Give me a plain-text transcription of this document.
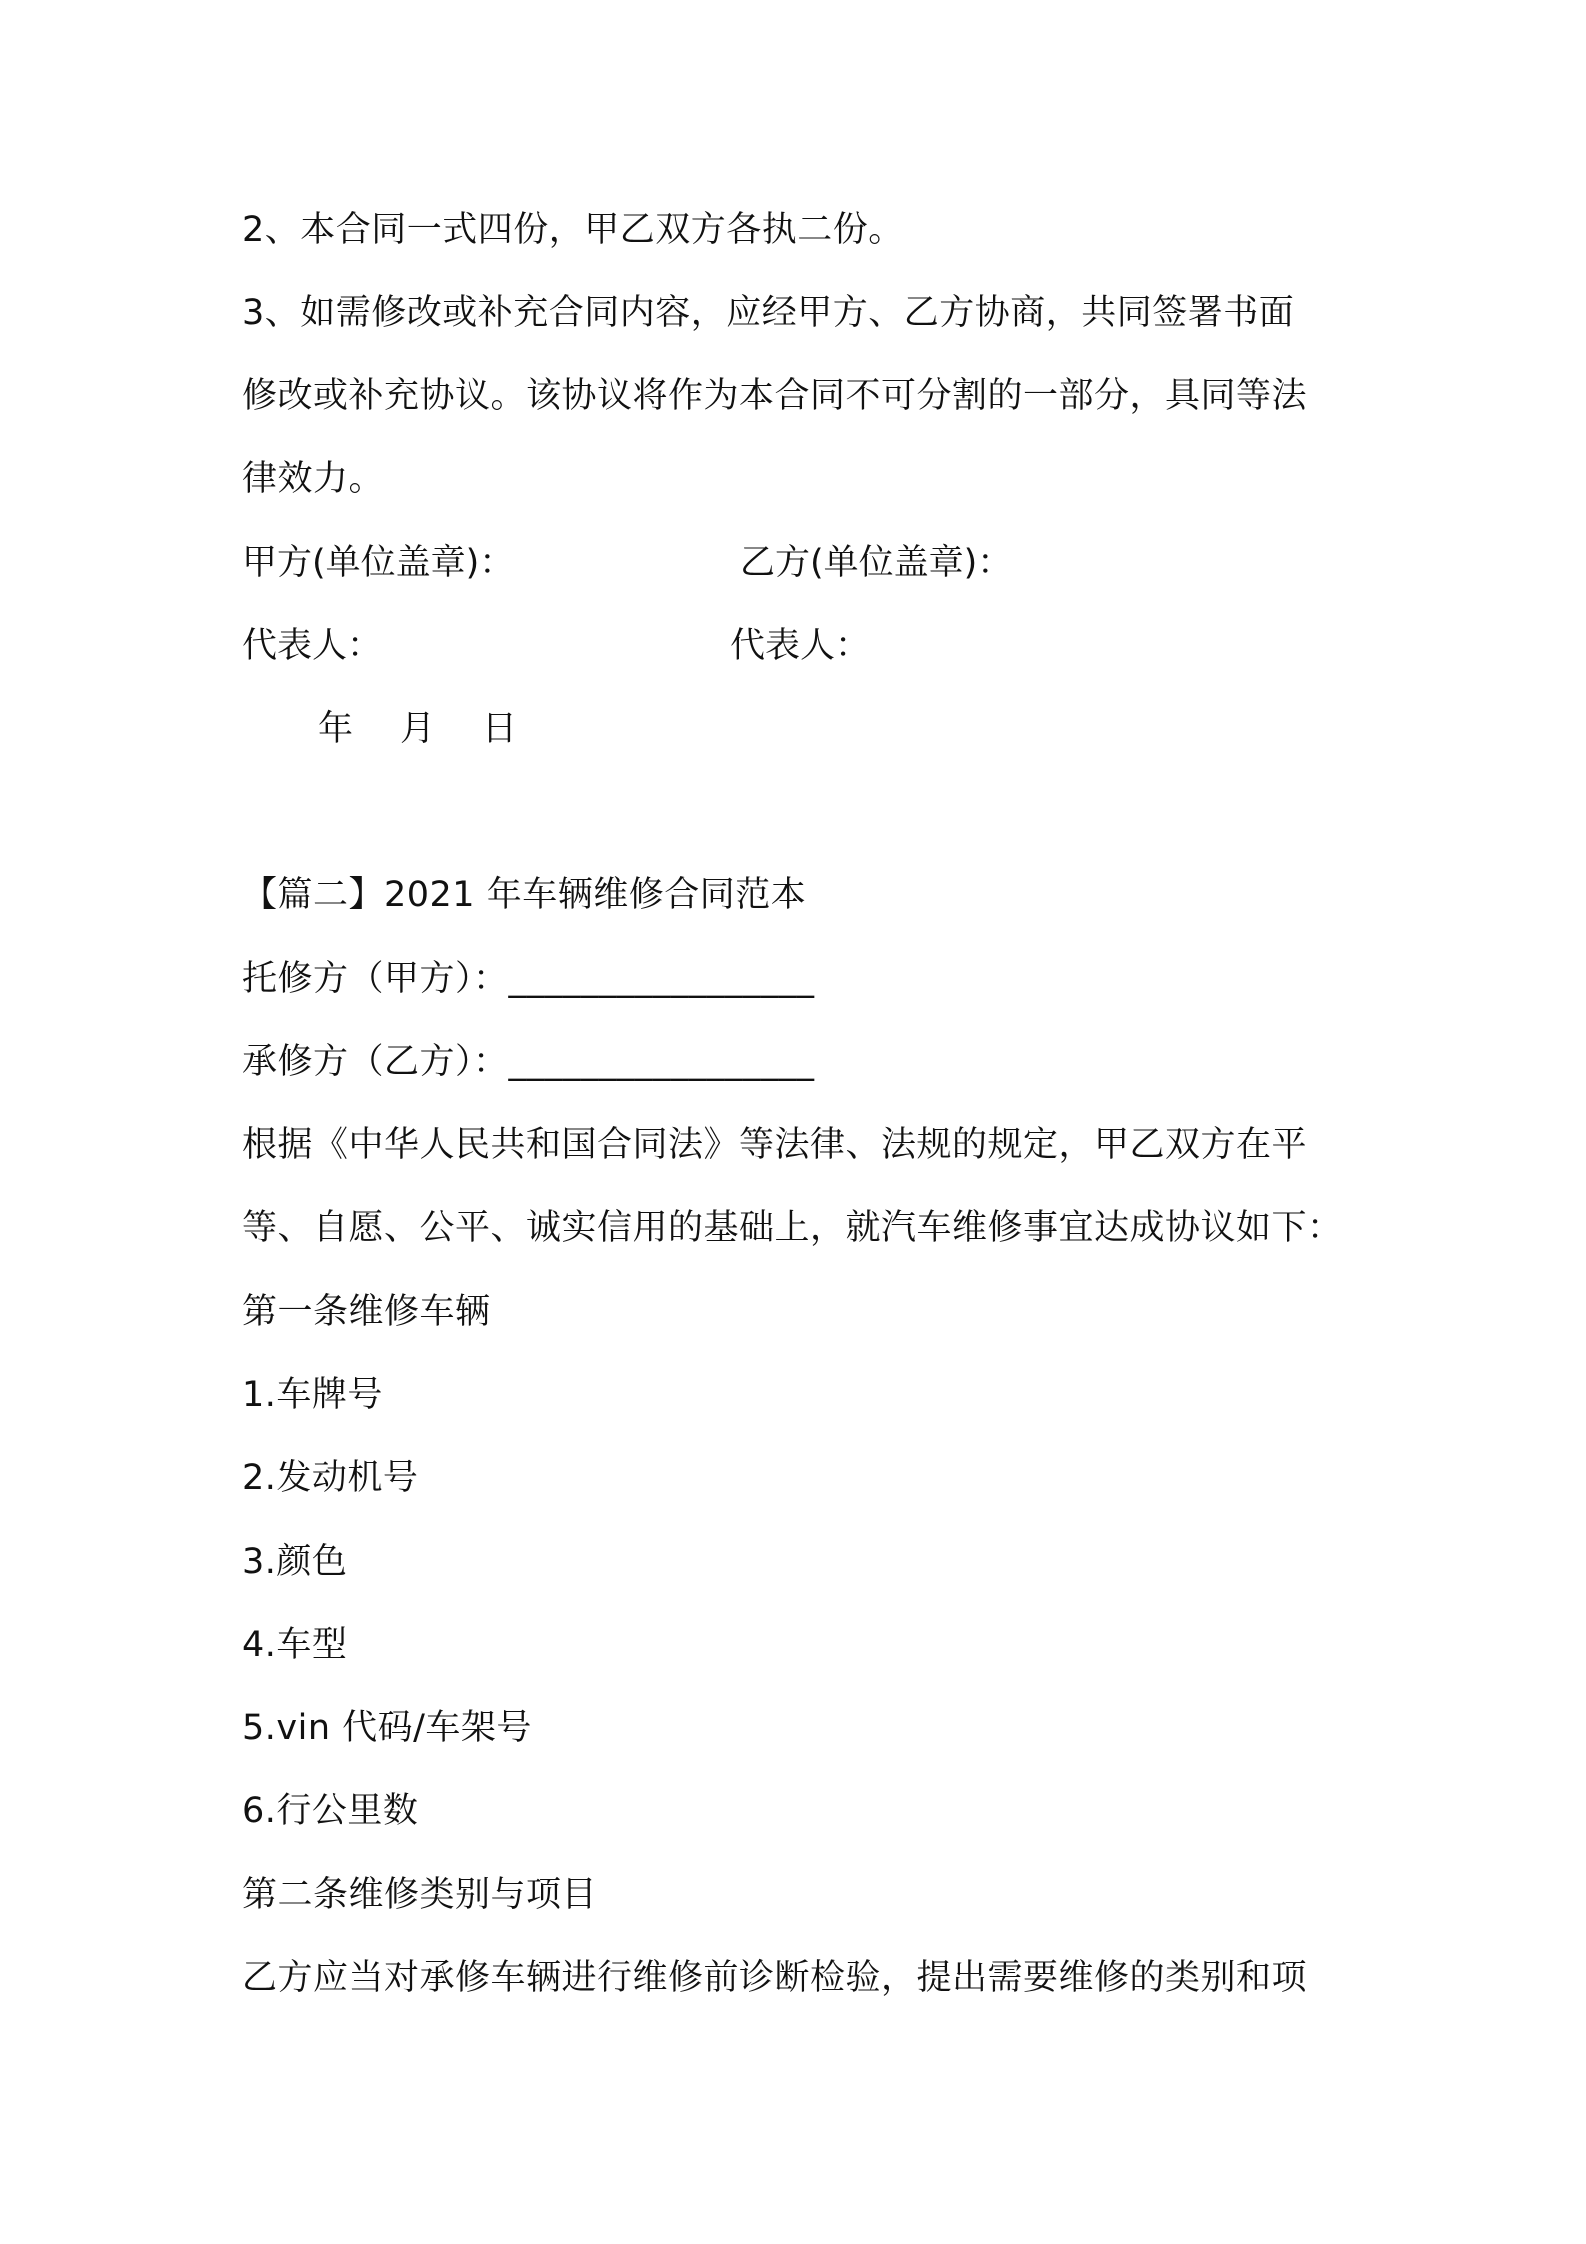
2、本合同一式四份，甲乙双方各执二份。
3、如需修改或补充合同内容，应经甲方、乙方协商，共同签署书面
修改或补充协议。该协议将作为本合同不可分割的一部分，具同等法
律效力。
甲方(单位盖章)：	乙方(单位盖章)：
代表人：	代表人：
年　月　日
【篇二】2021 年车辆维修合同范本
托修方（甲方）：_________________
承修方（乙方）：_________________
根据《中华人民共和国合同法》等法律、法规的规定，甲乙双方在平
等、自愿、公平、诚实信用的基础上，就汽车维修事宜达成协议如下：
第一条维修车辆
1.车牌号
2.发动机号
3.颜色
4.车型
5.vin 代码/车架号
6.行公里数
第二条维修类别与项目
乙方应当对承修车辆进行维修前诊断检验，提出需要维修的类别和项
